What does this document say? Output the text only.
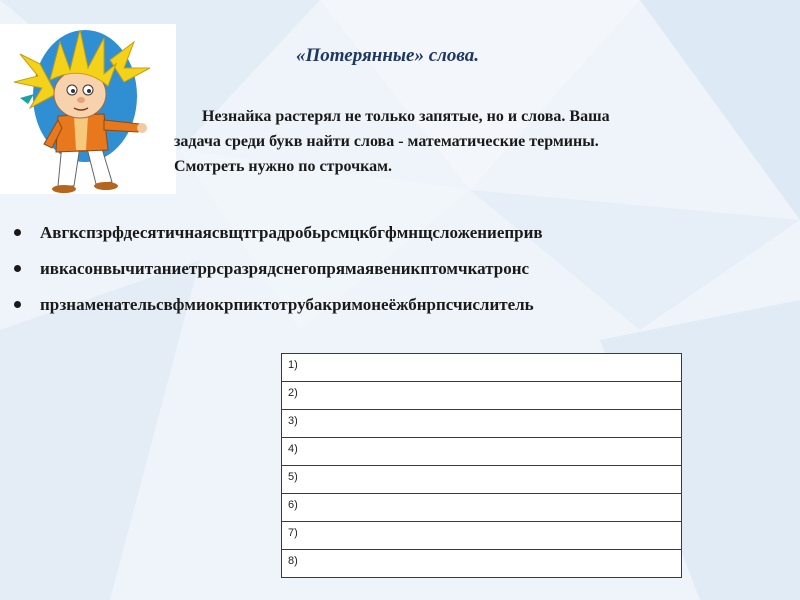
«Потерянные» слова.

Незнайка растерял не только запятые, но и слова. Ваша
задача среди букв найти слова - математические термины.
Смотреть нужно по строчкам.

Авгкспзрфдесятичнаясвщтградробьрсмцкбгфмнщсложениеприв
ивкасонвычитаниетррсразрядснегопрямаявеникптомчкатронс
прзнаменательсвфмиокрпиктотрубакримонеёжбнрпсчислитель
1)
2)
3)
4)
5)
6)
7)
8)
